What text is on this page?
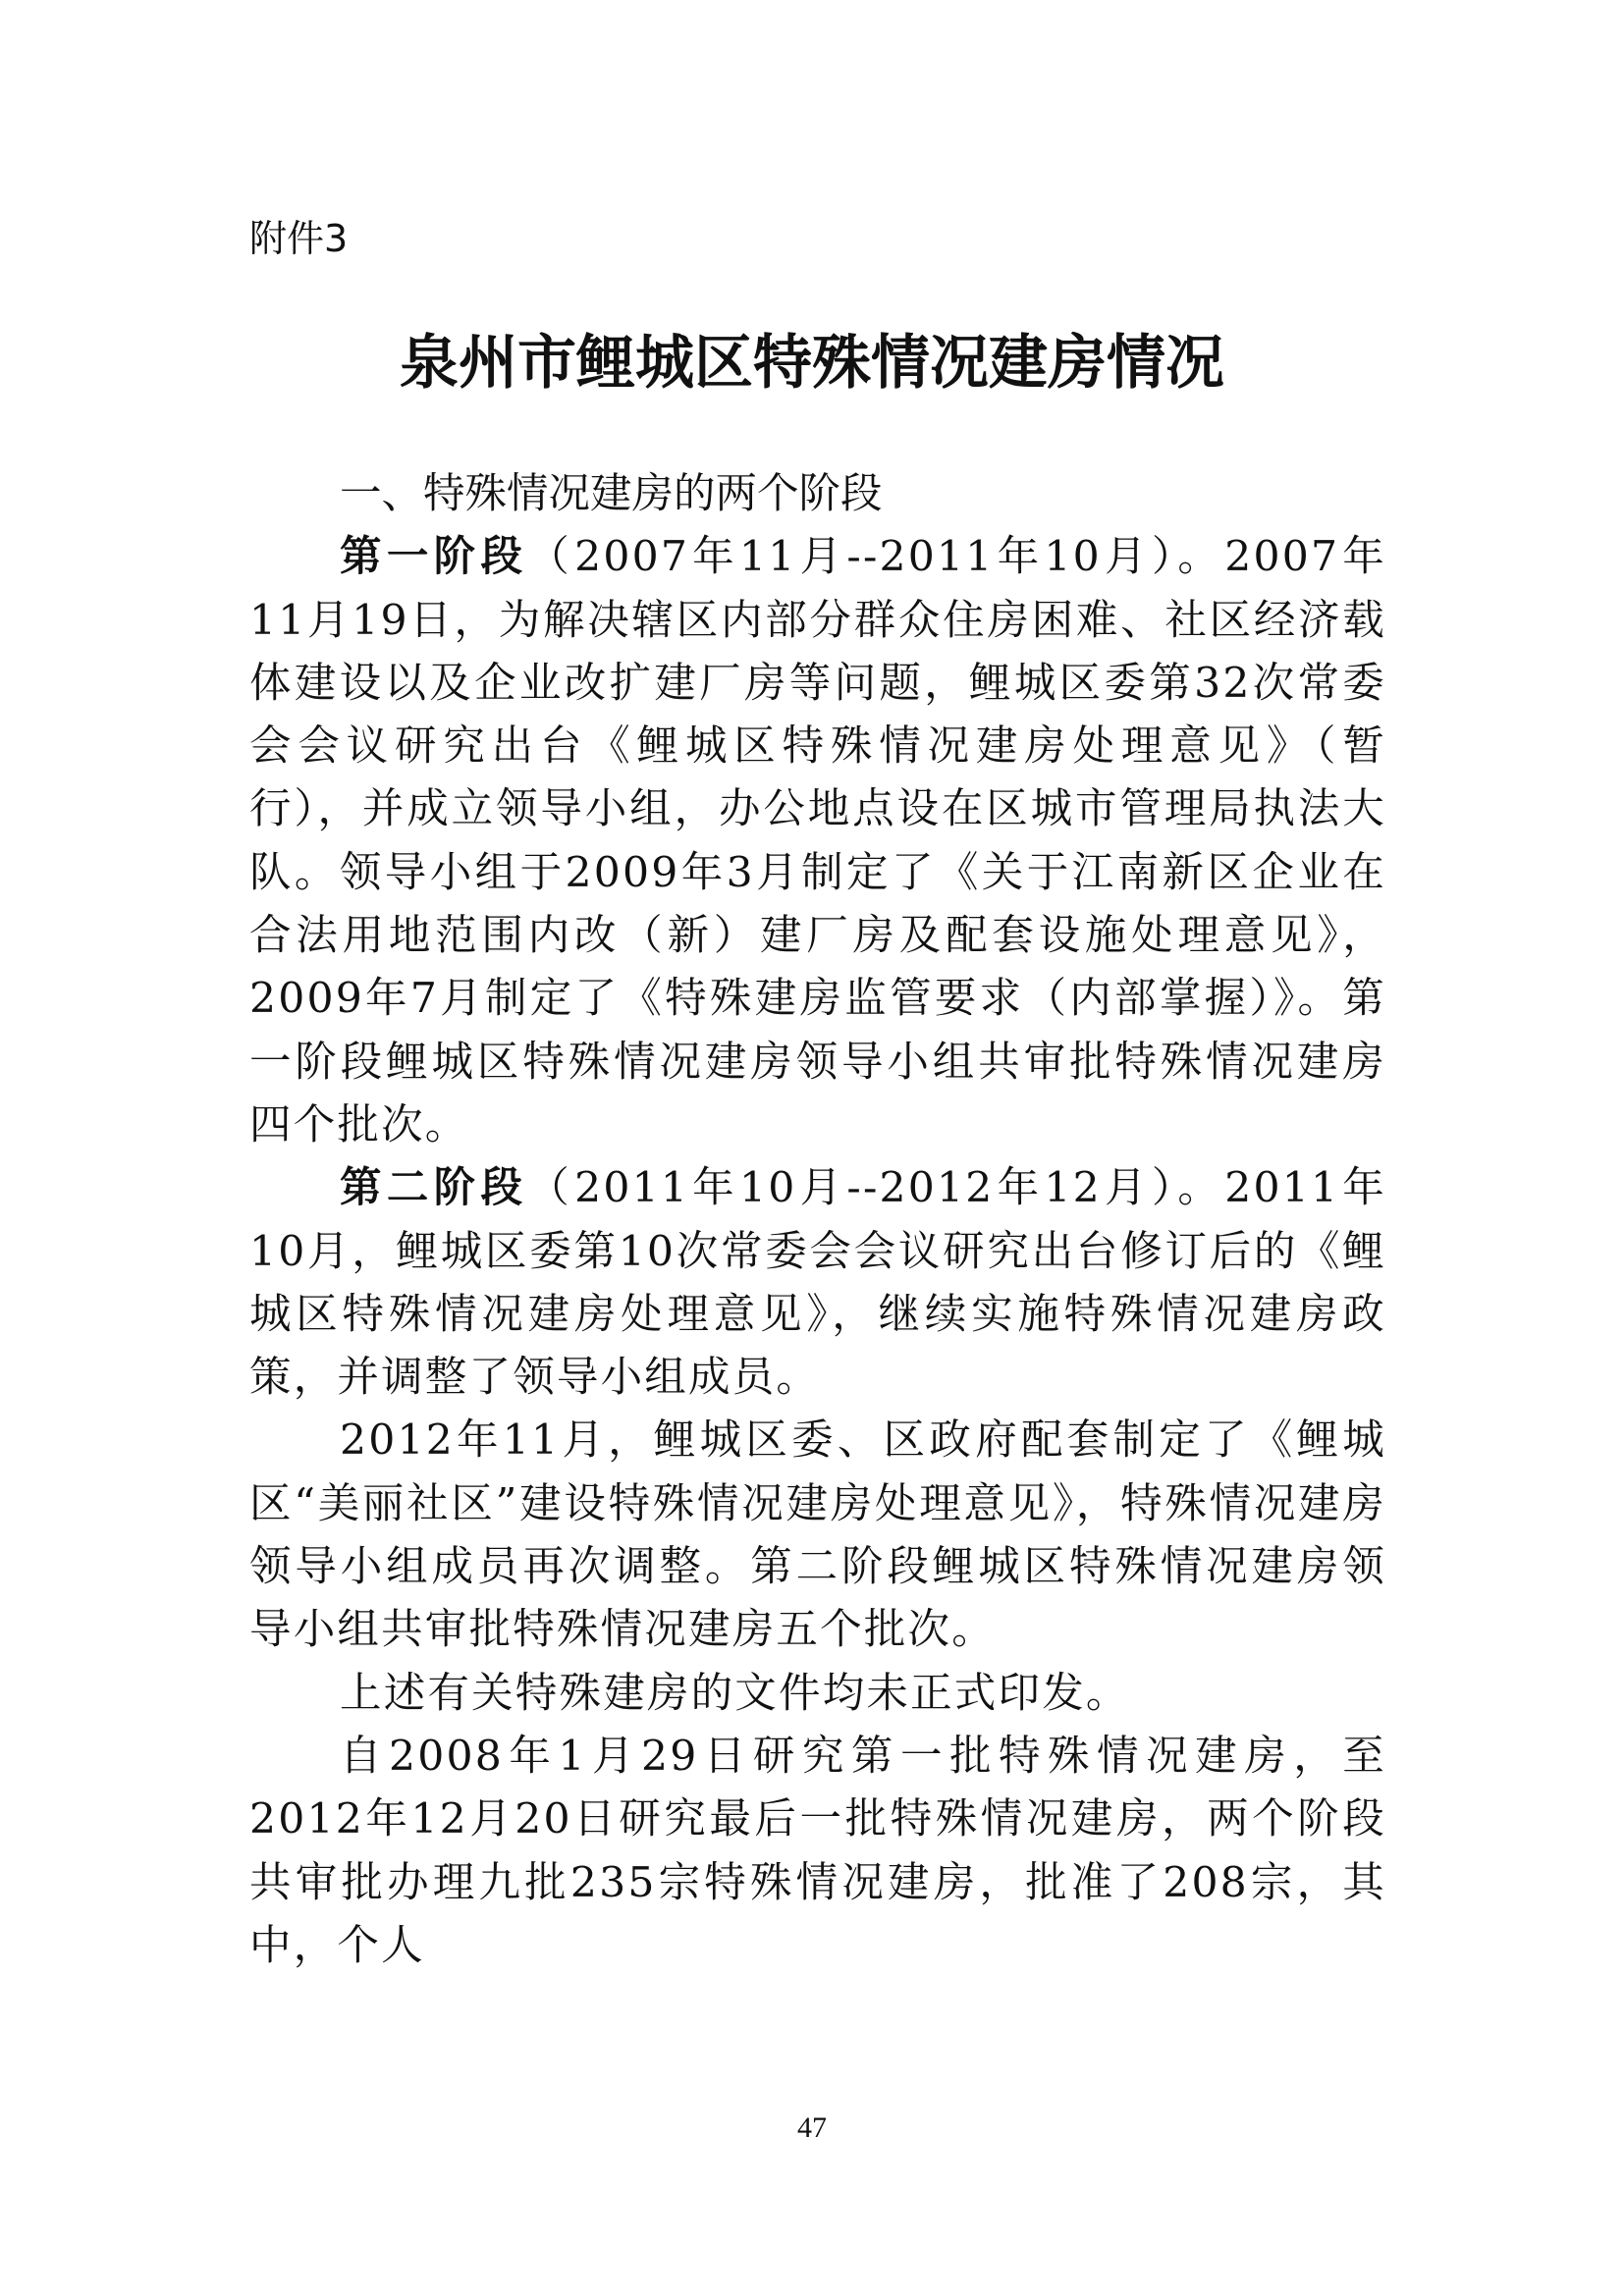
附件3
泉州市鲤城区特殊情况建房情况
一、特殊情况建房的两个阶段

第一阶段（2007年11月--2011年10月）。2007年11月19日，为解决辖区内部分群众住房困难、社区经济载体建设以及企业改扩建厂房等问题，鲤城区委第32次常委会会议研究出台《鲤城区特殊情况建房处理意见》（暂行），并成立领导小组，办公地点设在区城市管理局执法大队。领导小组于2009年3月制定了《关于江南新区企业在合法用地范围内改（新）建厂房及配套设施处理意见》，2009年7月制定了《特殊建房监管要求（内部掌握）》。第一阶段鲤城区特殊情况建房领导小组共审批特殊情况建房四个批次。

第二阶段（2011年10月--2012年12月）。2011年10月，鲤城区委第10次常委会会议研究出台修订后的《鲤城区特殊情况建房处理意见》，继续实施特殊情况建房政策，并调整了领导小组成员。

2012年11月，鲤城区委、区政府配套制定了《鲤城区“美丽社区”建设特殊情况建房处理意见》，特殊情况建房领导小组成员再次调整。第二阶段鲤城区特殊情况建房领导小组共审批特殊情况建房五个批次。

上述有关特殊建房的文件均未正式印发。

自2008年1月29日研究第一批特殊情况建房，至2012年12月20日研究最后一批特殊情况建房，两个阶段共审批办理九批235宗特殊情况建房，批准了208宗，其中，个人

47
